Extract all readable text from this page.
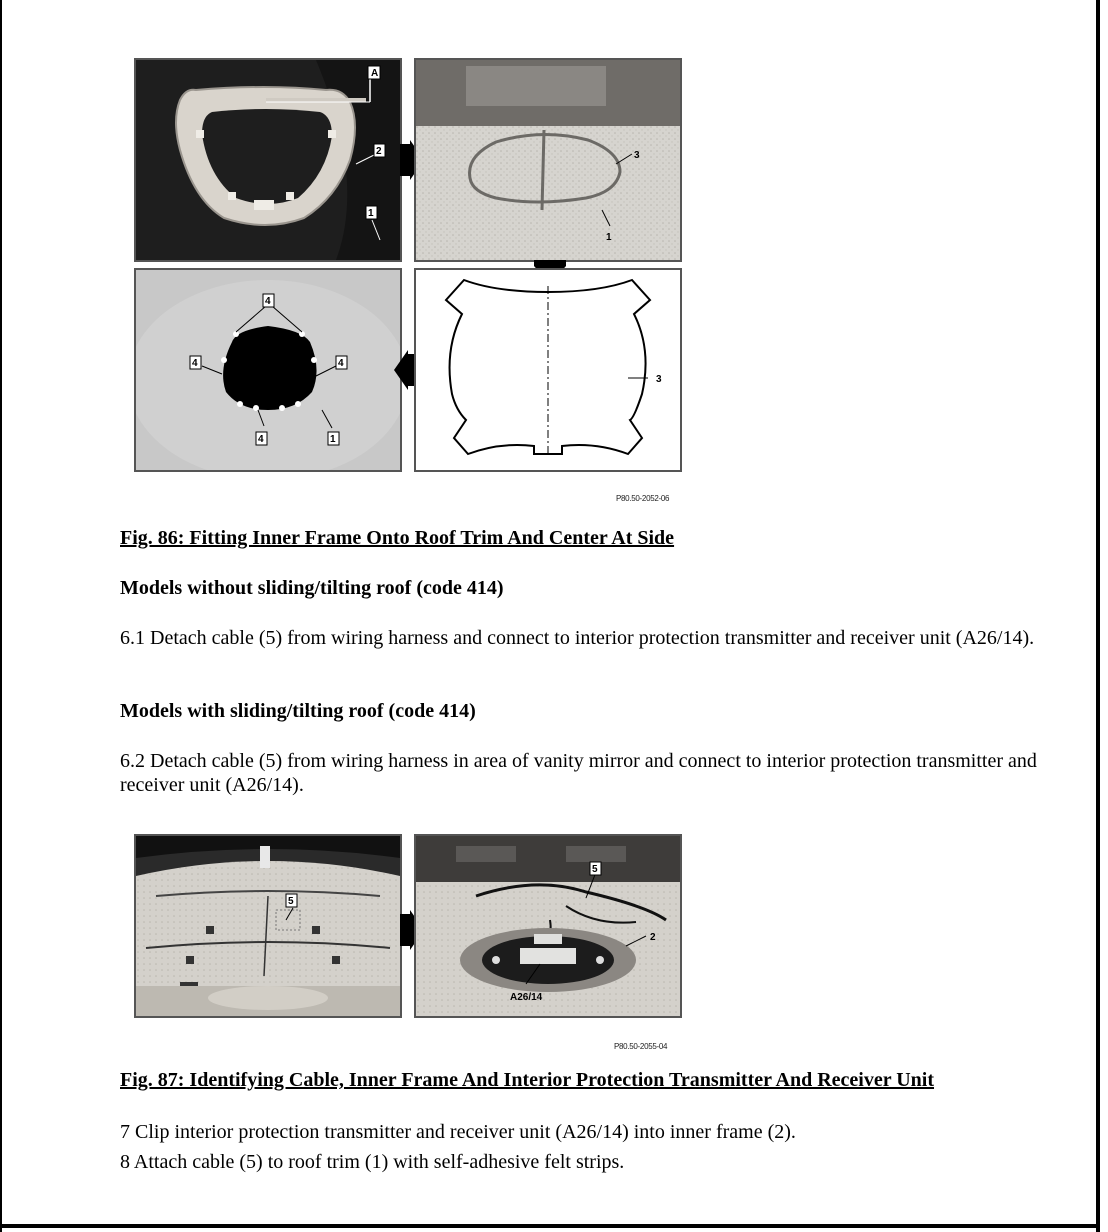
A
2
1
3
1
4
4	4
4	1
3
P80.50-2052-06
Fig. 86: Fitting Inner Frame Onto Roof Trim And Center At Side
Models without sliding/tilting roof (code 414)
6.1 Detach cable (5) from wiring harness and connect to interior protection transmitter and receiver unit (A26/14).
Models with sliding/tilting roof (code 414)
6.2 Detach cable (5) from wiring harness in area of vanity mirror and connect to interior protection transmitter and receiver unit (A26/14).
5
5
2
A26/14
P80.50-2055-04
Fig. 87: Identifying Cable, Inner Frame And Interior Protection Transmitter And Receiver Unit
7 Clip interior protection transmitter and receiver unit (A26/14) into inner frame (2).
8 Attach cable (5) to roof trim (1) with self-adhesive felt strips.
